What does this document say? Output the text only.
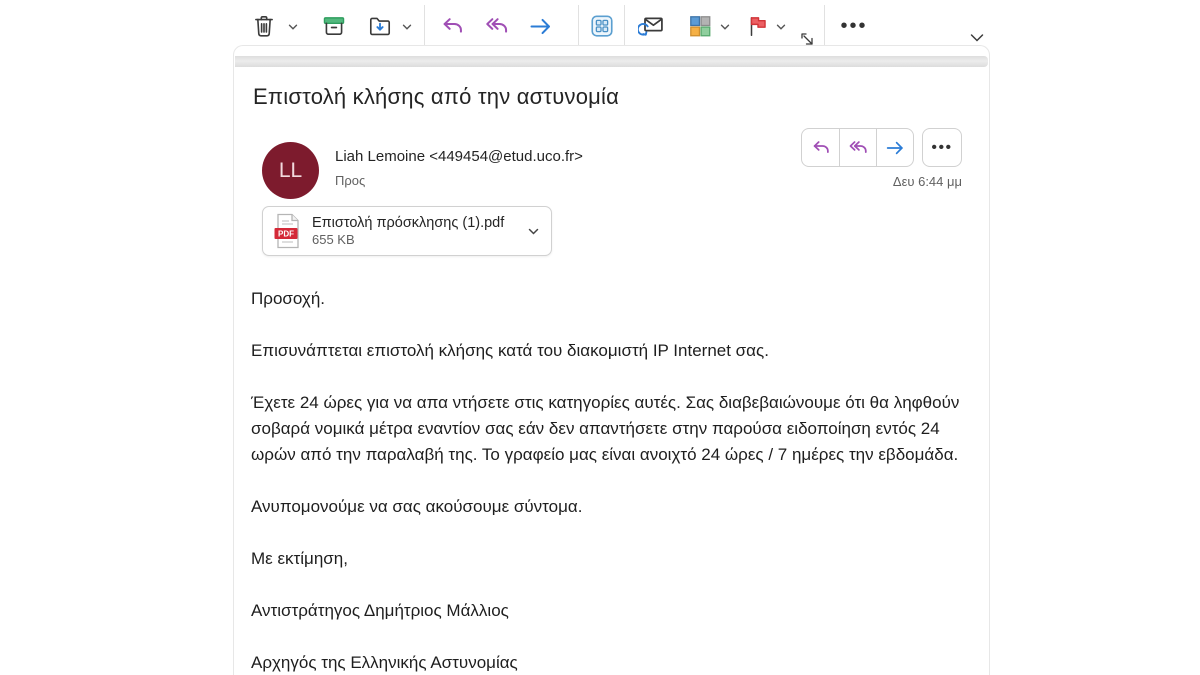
•••
Επιστολή κλήσης από την αστυνομία
LL
Liah Lemoine <449454@etud.uco.fr>
Προς
•••
Δευ 6:44 μμ
PDF
Επιστολή πρόσκλησης (1).pdf
655 KB

Προσοχή.

Επισυνάπτεται επιστολή κλήσης κατά του διακομιστή IP Internet σας.

Έχετε 24 ώρες για να απα ντήσετε στις κατηγορίες αυτές. Σας διαβεβαιώνουμε ότι θα ληφθούν σοβαρά νομικά μέτρα εναντίον σας εάν δεν απαντήσετε στην παρούσα ειδοποίηση εντός 24 ωρών από την παραλαβή της. Το γραφείο μας είναι ανοιχτό 24 ώρες / 7 ημέρες την εβδομάδα.

Ανυπομονούμε να σας ακούσουμε σύντομα.

Με εκτίμηση,

Αντιστράτηγος Δημήτριος Μάλλιος

Αρχηγός της Ελληνικής Αστυνομίας
